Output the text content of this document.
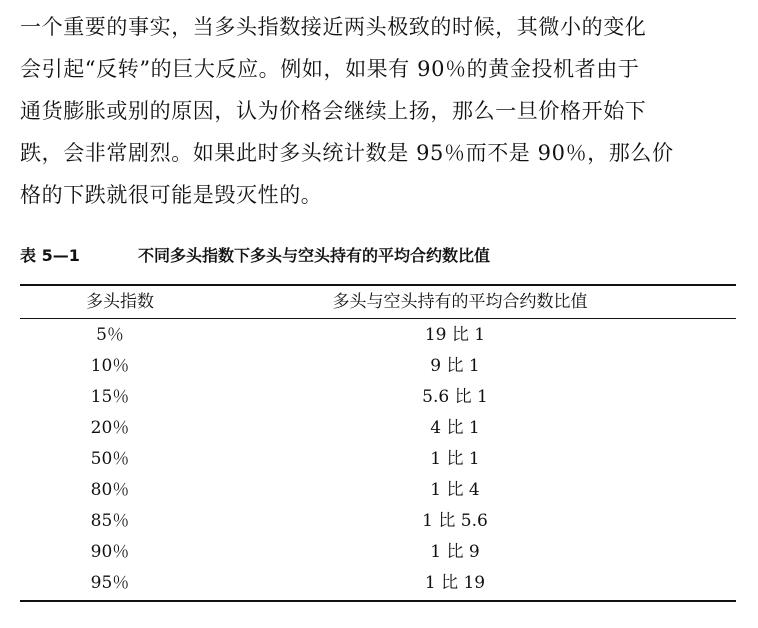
一个重要的事实，当多头指数接近两头极致的时候，其微小的变化
会引起“反转”的巨大反应。例如，如果有 90％的黄金投机者由于
通货膨胀或别的原因，认为价格会继续上扬，那么一旦价格开始下
跌，会非常剧烈。如果此时多头统计数是 95％而不是 90％，那么价
格的下跌就很可能是毁灭性的。
表 5—1	不同多头指数下多头与空头持有的平均合约数比值
多头指数	多头与空头持有的平均合约数比值
5％	19 比 1
10％	9 比 1
15％	5.6 比 1
20％	4 比 1
50％	1 比 1
80％	1 比 4
85％	1 比 5.6
90％	1 比 9
95％	1 比 19
